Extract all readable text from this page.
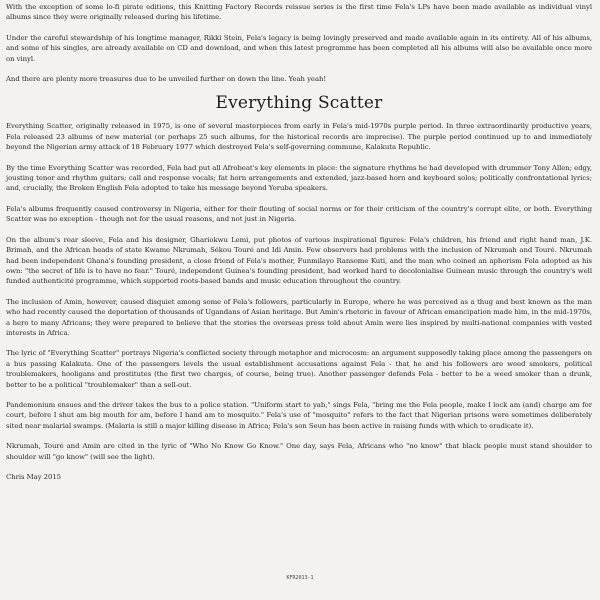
With the exception of some lo-fi pirate editions, this Knitting Factory Records reissue series is the first time Fela's LPs have been made available as individual vinyl albums since they were originally released during his lifetime.

Under the careful stewardship of his longtime manager, Rikki Stein, Fela's legacy is being lovingly preserved and made available again in its entirety. All of his albums, and some of his singles, are already available on CD and download, and when this latest programme has been completed all his albums will also be available once more on vinyl.

And there are plenty more treasures due to be unveiled further on down the line. Yeah yeah!

Everything Scatter

Everything Scatter, originally released in 1975, is one of several masterpieces from early in Fela's mid-1970s purple period. In three extraordinarily productive years, Fela released 23 albums of new material (or perhaps 25 such albums, for the historical records are imprecise). The purple period continued up to and immediately beyond the Nigerian army attack of 18 February 1977 which destroyed Fela's self-governing commune, Kalakuta Republic.

By the time Everything Scatter was recorded, Fela had put all Afrobeat's key elements in place: the signature rhythms he had developed with drummer Tony Allen; edgy, jousting tenor and rhythm guitars; call and response vocals; fat horn arrangements and extended, jazz-based horn and keyboard solos; politically confrontational lyrics; and, crucially, the Broken English Fela adopted to take his message beyond Yoruba speakers.

Fela's albums frequently caused controversy in Nigeria, either for their flouting of social norms or for their criticism of the country's corrupt elite, or both. Everything Scatter was no exception - though not for the usual reasons, and not just in Nigeria.

On the album's rear sleeve, Fela and his designer, Ghariokwu Lemi, put photos of various inspirational figures: Fela's children, his friend and right hand man, J.K. Brimah, and the African heads of state Kwame Nkrumah, Sékou Touré and Idi Amin. Few observers had problems with the inclusion of Nkrumah and Touré. Nkrumah had been independent Ghana's founding president, a close friend of Fela's mother, Funmilayo Ransome Kuti, and the man who coined an aphorism Fela adopted as his own: "the secret of life is to have no fear." Touré, independent Guinea's founding president, had worked hard to decolonialise Guinean music through the country's well funded authenticité programme, which supported roots-based bands and music education throughout the country.

The inclusion of Amin, however, caused disquiet among some of Fela's followers, particularly in Europe, where he was perceived as a thug and best known as the man who had recently caused the deportation of thousands of Ugandans of Asian heritage. But Amin's rhetoric in favour of African emancipation made him, in the mid-1970s, a hero to many Africans; they were prepared to believe that the stories the overseas press told about Amin were lies inspired by multi-national companies with vested interests in Africa.

The lyric of "Everything Scatter" portrays Nigeria's conflicted society through metaphor and microcosm: an argument supposedly taking place among the passengers on a bus passing Kalakuta. One of the passengers levels the usual establishment accusations against Fela - that he and his followers are weed smokers, political troublemakers, hooligans and prostitutes (the first two charges, of course, being true). Another passenger defends Fela - better to be a weed smoker than a drunk, better to be a political "troublemaker" than a sell-out.

Pandemonium ensues and the driver takes the bus to a police station. "Uniform start to yab," sings Fela, "bring me the Fela people, make I lock am (and) charge am for court, before I shut am big mouth for am, before I hand am to mosquito." Fela's use of "mosquito" refers to the fact that Nigerian prisons were sometimes deliberately sited near malarial swamps. (Malaria is still a major killing disease in Africa; Fela's son Seun has been active in raising funds with which to eradicate it).

Nkrumah, Touré and Amin are cited in the lyric of "Who No Know Go Know." One day, says Fela, Africans who "no know" that black people must stand shoulder to shoulder will "go know" (will see the light).

Chris May 2015

KFR2013-1
